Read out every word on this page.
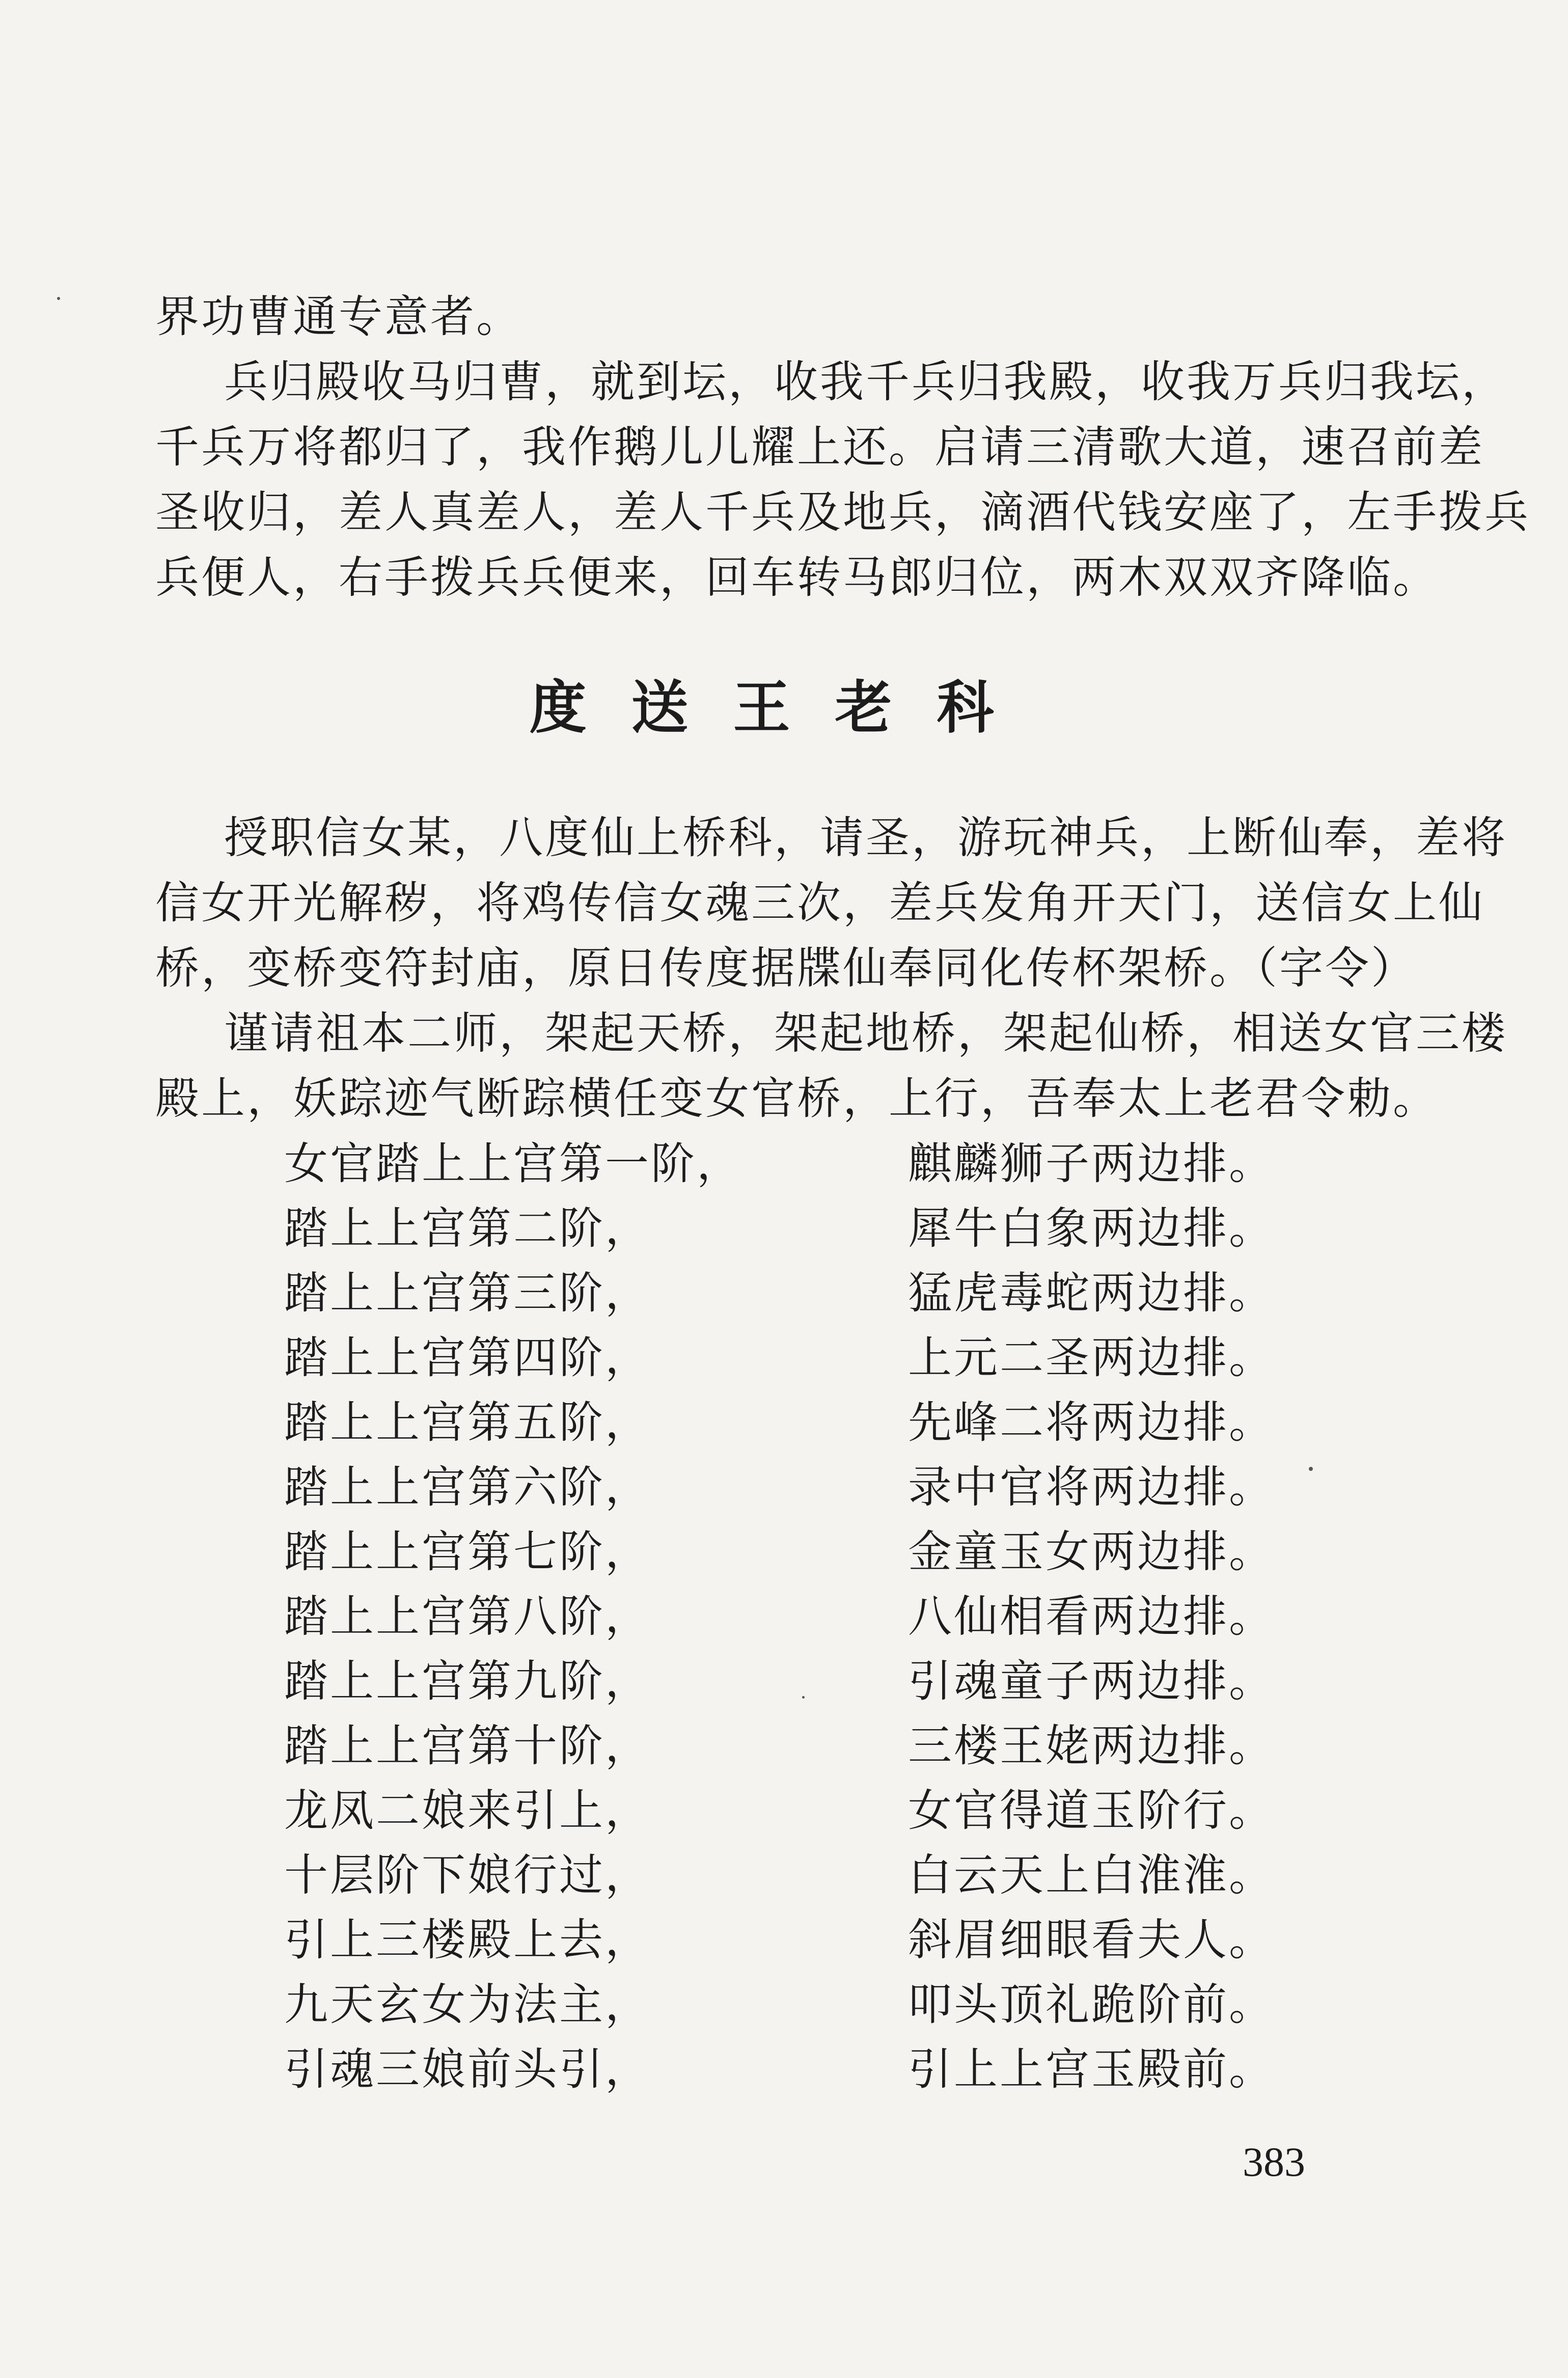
界功曹通专意者。
兵归殿收马归曹，就到坛，收我千兵归我殿，收我万兵归我坛，
千兵万将都归了，我作鹅儿儿耀上还。启请三清歌大道，速召前差
圣收归，差人真差人，差人千兵及地兵，滴酒代钱安座了，左手拨兵
兵便人，右手拨兵兵便来，回车转马郎归位，两木双双齐降临。
度送王老科
授职信女某，八度仙上桥科，请圣，游玩神兵，上断仙奉，差将
信女开光解秽，将鸡传信女魂三次，差兵发角开天门，送信女上仙
桥，变桥变符封庙，原日传度据牒仙奉同化传杯架桥。（字令）
谨请祖本二师，架起天桥，架起地桥，架起仙桥，相送女官三楼
殿上，妖踪迹气断踪横任变女官桥，上行，吾奉太上老君令勅。
女官踏上上宫第一阶，	麒麟狮子两边排。
踏上上宫第二阶，	犀牛白象两边排。
踏上上宫第三阶，	猛虎毒蛇两边排。
踏上上宫第四阶，	上元二圣两边排。
踏上上宫第五阶，	先峰二将两边排。
踏上上宫第六阶，	录中官将两边排。
踏上上宫第七阶，	金童玉女两边排。
踏上上宫第八阶，	八仙相看两边排。
踏上上宫第九阶，	引魂童子两边排。
踏上上宫第十阶，	三楼王姥两边排。
龙凤二娘来引上，	女官得道玉阶行。
十层阶下娘行过，	白云天上白淮淮。
引上三楼殿上去，	斜眉细眼看夫人。
九天玄女为法主，	叩头顶礼跪阶前。
引魂三娘前头引，	引上上宫玉殿前。
383
